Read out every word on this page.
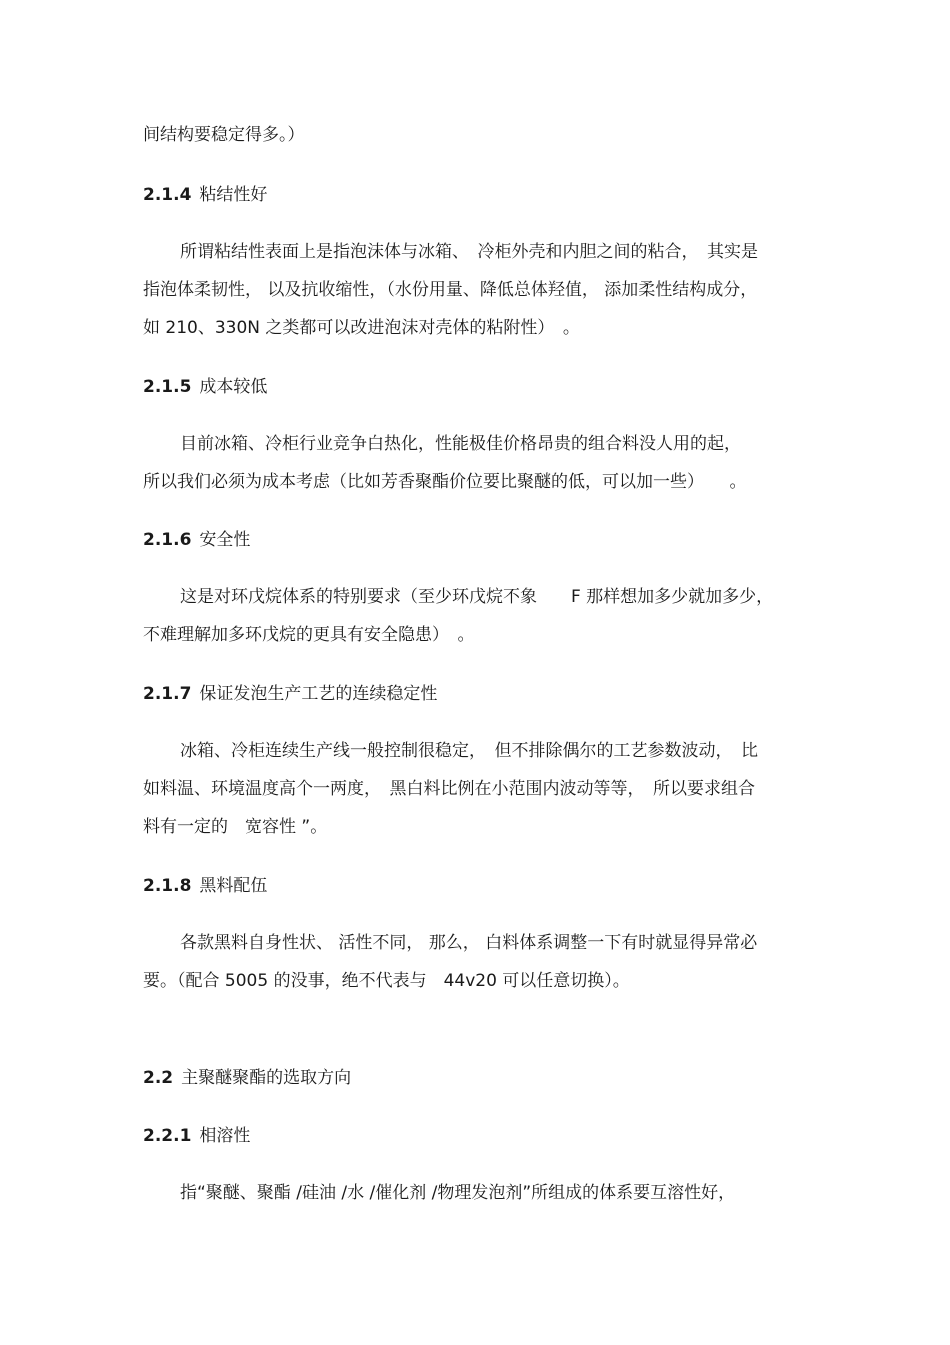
间结构要稳定得多。）
2.1.4 粘结性好
所谓粘结性表面上是指泡沫体与冰箱、　冷柜外壳和内胆之间的粘合，　其实是
指泡体柔韧性， 以及抗收缩性，（水份用量、降低总体羟值， 添加柔性结构成分，
如 210、330N 之类都可以改进泡沫对壳体的粘附性）　。
2.1.5 成本较低
目前冰箱、冷柜行业竞争白热化，性能极佳价格昂贵的组合料没人用的起，
所以我们必须为成本考虑（比如芳香聚酯价位要比聚醚的低，可以加一些）　　。
2.1.6 安全性
这是对环戊烷体系的特别要求（至少环戊烷不象　　F 那样想加多少就加多少，
不难理解加多环戊烷的更具有安全隐患）　。
2.1.7 保证发泡生产工艺的连续稳定性
冰箱、冷柜连续生产线一般控制很稳定，　但不排除偶尔的工艺参数波动，　比
如料温、环境温度高个一两度，　黑白料比例在小范围内波动等等，　所以要求组合
料有一定的　宽容性 ”。
2.1.8 黑料配伍
各款黑料自身性状、 活性不同， 那么， 白料体系调整一下有时就显得异常必
要。（配合 5005 的没事，绝不代表与　44v20 可以任意切换）。
2.2 主聚醚聚酯的选取方向
2.2.1 相溶性
指“聚醚、聚酯 /硅油 /水 /催化剂 /物理发泡剂”所组成的体系要互溶性好，
